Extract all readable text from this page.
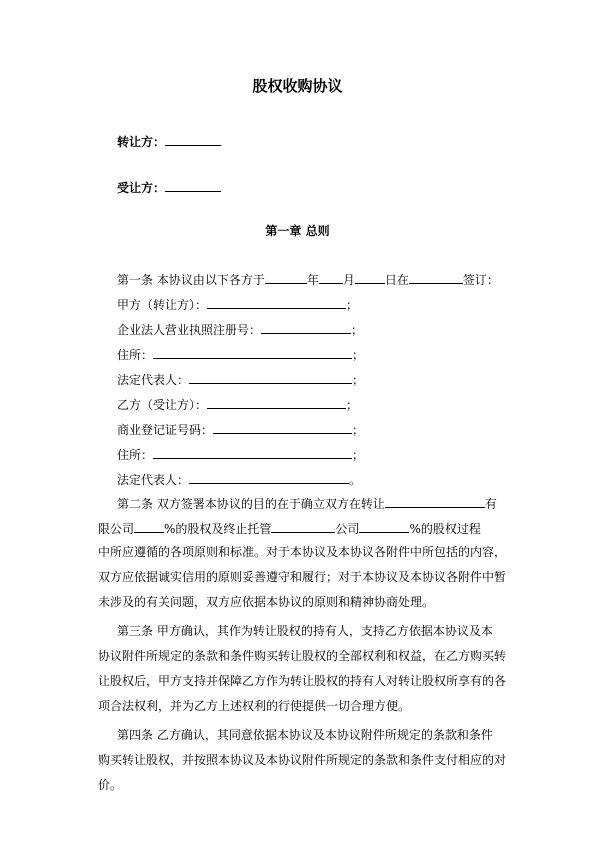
股权收购协议
转让方：
受让方：
第一章 总则
第一条 本协议由以下各方于	年 月	日在	签订：
甲方（转让方）：	；
企业法人营业执照注册号：	；
住所：	；
法定代表人：	；
乙方（受让方）：	；
商业登记证号码：	；
住所：	；
法定代表人：	。
第二条 双方签署本协议的目的在于确立双方在转让	有
限公司	%的股权及终止托管	公司	%的股权过程
中所应遵循的各项原则和标准。对于本协议及本协议各附件中所包括的内容，
双方应依据诚实信用的原则妥善遵守和履行；对于本协议及本协议各附件中暂
未涉及的有关问题，双方应依据本协议的原则和精神协商处理。
第三条 甲方确认，其作为转让股权的持有人，支持乙方依据本协议及本
协议附件所规定的条款和条件购买转让股权的全部权利和权益，在乙方购买转
让股权后，甲方支持并保障乙方作为转让股权的持有人对转让股权所享有的各
项合法权利，并为乙方上述权利的行使提供一切合理方便。
第四条 乙方确认，其同意依据本协议及本协议附件所规定的条款和条件
购买转让股权，并按照本协议及本协议附件所规定的条款和条件支付相应的对
价。
